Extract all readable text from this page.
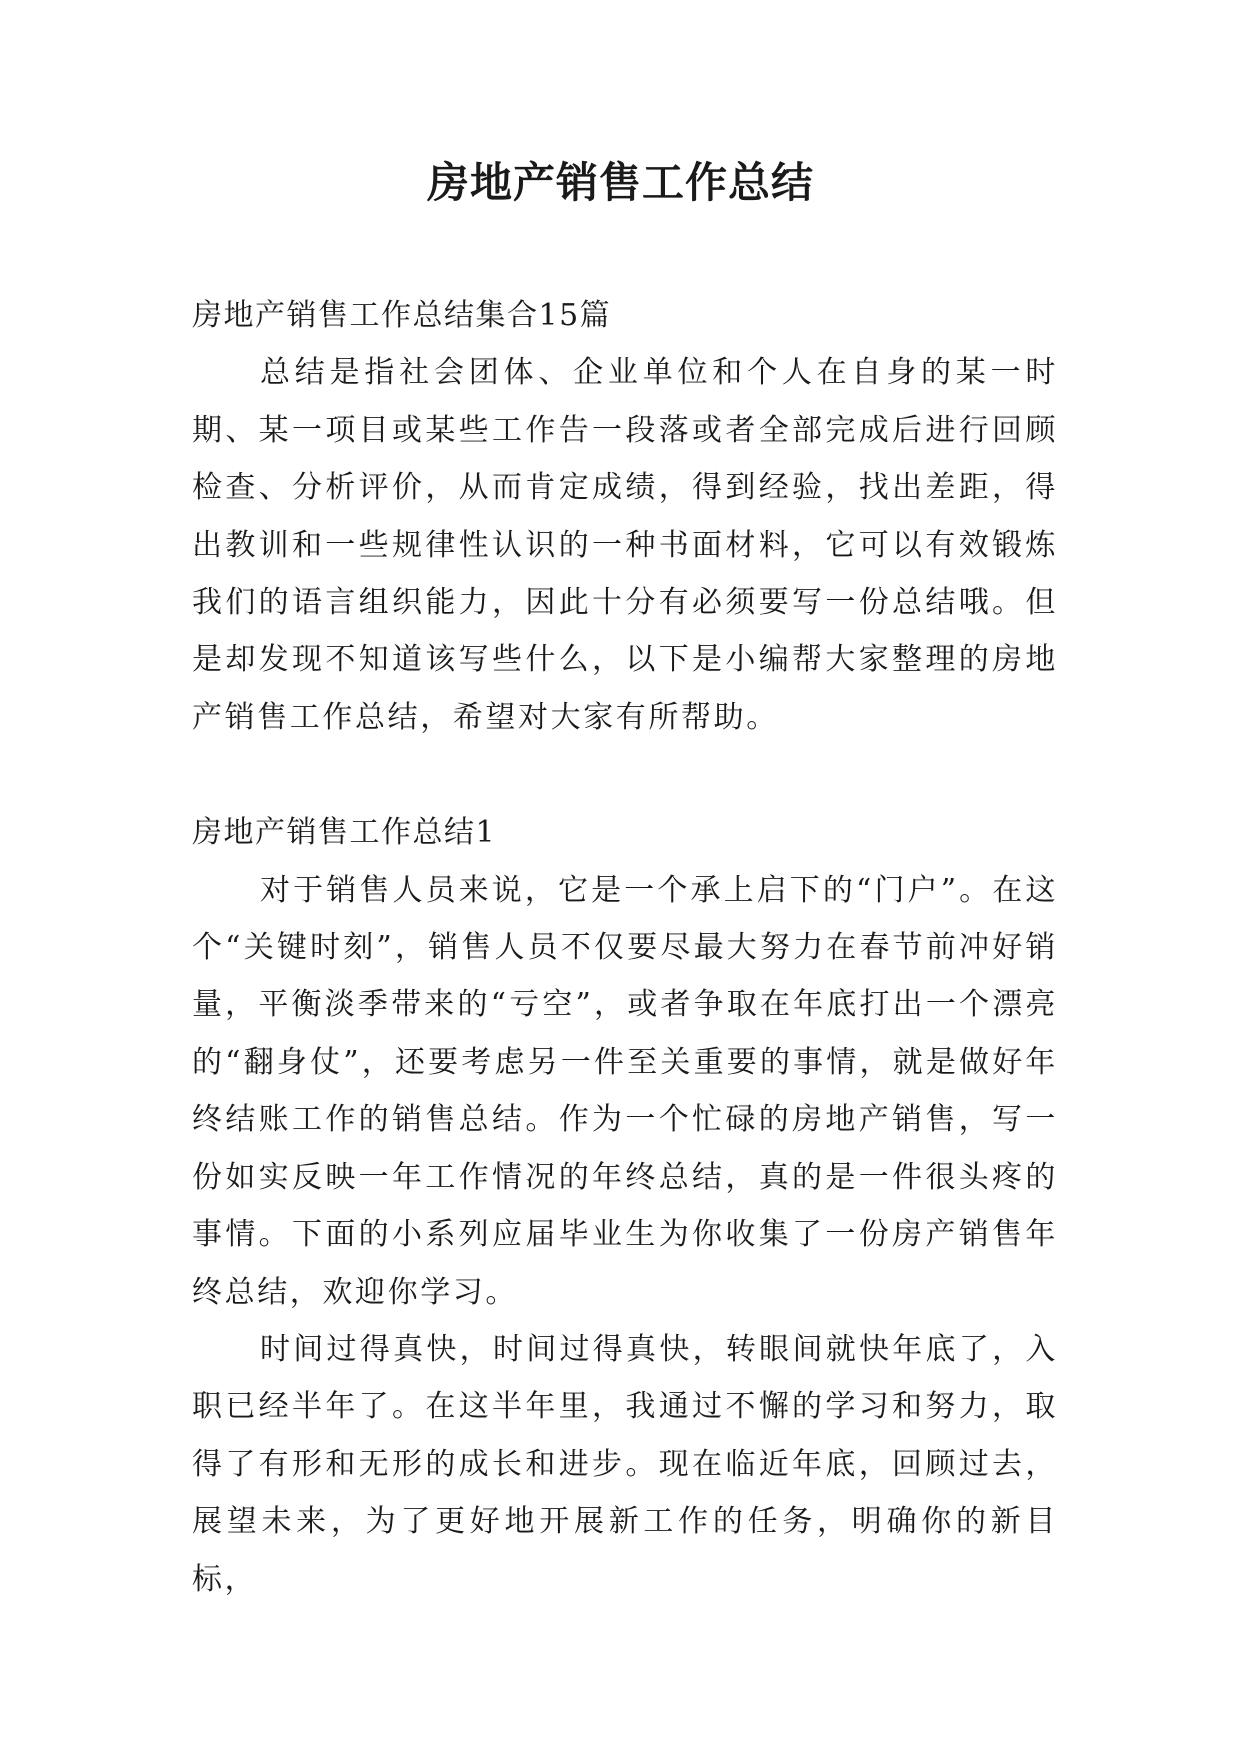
房地产销售工作总结

房地产销售工作总结集合15篇

总结是指社会团体、企业单位和个人在自身的某一时期、某一项目或某些工作告一段落或者全部完成后进行回顾检查、分析评价，从而肯定成绩，得到经验，找出差距，得出教训和一些规律性认识的一种书面材料，它可以有效锻炼我们的语言组织能力，因此十分有必须要写一份总结哦。但是却发现不知道该写些什么，以下是小编帮大家整理的房地产销售工作总结，希望对大家有所帮助。

房地产销售工作总结1

对于销售人员来说，它是一个承上启下的“门户”。在这个“关键时刻”，销售人员不仅要尽最大努力在春节前冲好销量，平衡淡季带来的“亏空”，或者争取在年底打出一个漂亮的“翻身仗”，还要考虑另一件至关重要的事情，就是做好年终结账工作的销售总结。作为一个忙碌的房地产销售，写一份如实反映一年工作情况的年终总结，真的是一件很头疼的事情。下面的小系列应届毕业生为你收集了一份房产销售年终总结，欢迎你学习。

时间过得真快，时间过得真快，转眼间就快年底了，入职已经半年了。在这半年里，我通过不懈的学习和努力，取得了有形和无形的成长和进步。现在临近年底，回顾过去，展望未来，为了更好地开展新工作的任务，明确你的新目标，
